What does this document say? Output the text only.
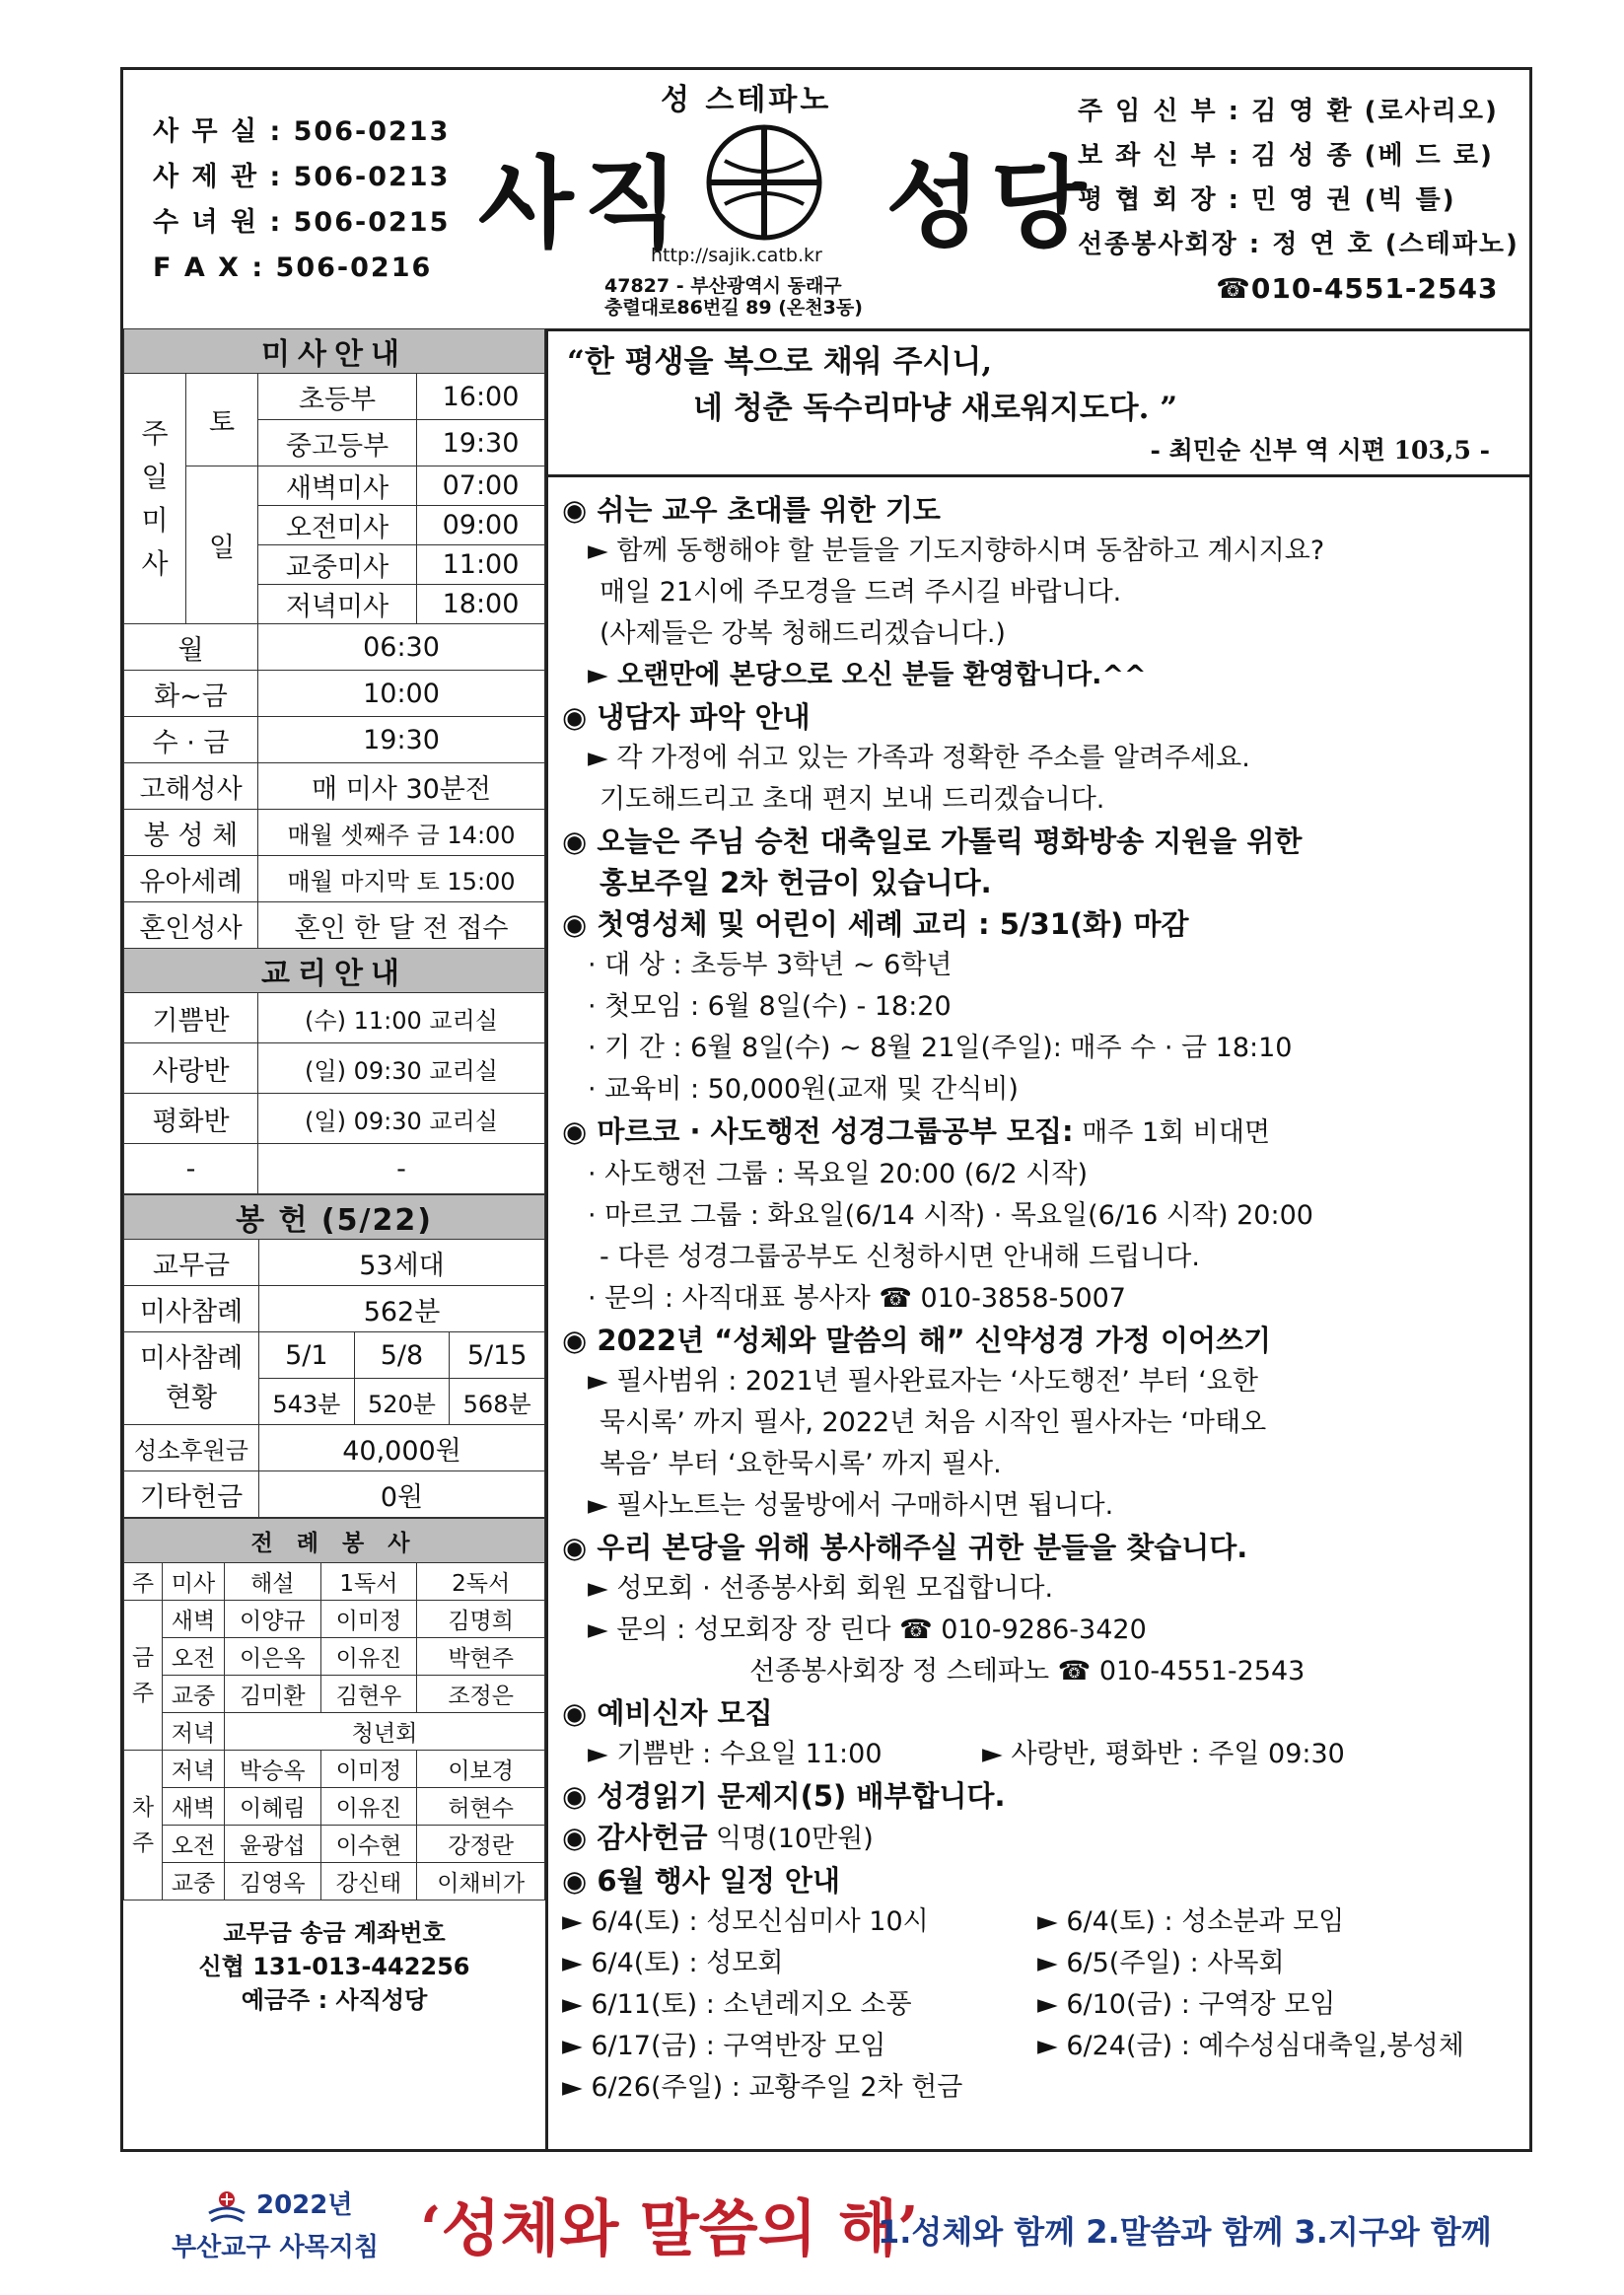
사 무 실 : 506-0213
사 제 관 : 506-0213
수 녀 원 : 506-0215
F A X : 506-0216
성 스테파노
사직 성당
http://sajik.catb.kr
47827 - 부산광역시 동래구
충렬대로86번길 89 (온천3동)
주 임 신 부 : 김 영 환 (로사리오)
보 좌 신 부 : 김 성 종 (베 드 로)
평 협 회 장 : 민 영 권 (빅 틀)
선종봉사회장 : 정 연 호 (스테파노)
☎010-4551-2543
미사안내			
주일미사	토	초등부	16:00
		중고등부	19:30
	일	새벽미사	07:00
		오전미사	09:00
		교중미사	11:00
		저녁미사	18:00
월		06:30	
화~금		10:00	
수 · 금		19:30	
고해성사		매 미사 30분전	
봉 성 체		매월 셋째주 금 14:00	
유아세례		매월 마지막 토 15:00	
혼인성사		혼인 한 달 전 접수	
교리안내			
기쁨반		(수) 11:00 교리실	
사랑반		(일) 09:30 교리실	
평화반		(일) 09:30 교리실	
-		-	
봉 헌 (5/22)			
교무금	53세대		
미사참례	562분		
미사참례현황	5/1	5/8	5/15
	543분	520분	568분
성소후원금	40,000원		
기타헌금	0원		
전 례 봉 사				
주	미사	해설	1독서	2독서
금주	새벽	이양규	이미정	김명희
	오전	이은옥	이유진	박현주
	교중	김미환	김현우	조정은
	저녁	청년회		
차주	저녁	박승옥	이미정	이보경
	새벽	이혜림	이유진	허현수
	오전	윤광섭	이수현	강정란
	교중	김영옥	강신태	이채비가
교무금 송금 계좌번호
신협 131-013-442256
예금주 : 사직성당
“한 평생을 복으로 채워 주시니,
네 청춘 독수리마냥 새로워지도다. ”
- 최민순 신부 역 시편 103,5 -
◉ 쉬는 교우 초대를 위한 기도
► 함께 동행해야 할 분들을 기도지향하시며 동참하고 계시지요?
매일 21시에 주모경을 드려 주시길 바랍니다.
(사제들은 강복 청해드리겠습니다.)
► 오랜만에 본당으로 오신 분들 환영합니다.^^
◉ 냉담자 파악 안내
► 각 가정에 쉬고 있는 가족과 정확한 주소를 알려주세요.
기도해드리고 초대 편지 보내 드리겠습니다.
◉ 오늘은 주님 승천 대축일로 가톨릭 평화방송 지원을 위한
홍보주일 2차 헌금이 있습니다.
◉ 첫영성체 및 어린이 세례 교리 : 5/31(화) 마감
· 대 상 : 초등부 3학년 ~ 6학년
· 첫모임 : 6월 8일(수) - 18:20
· 기 간 : 6월 8일(수) ~ 8월 21일(주일): 매주 수 · 금 18:10
· 교육비 : 50,000원(교재 및 간식비)
◉ 마르코 · 사도행전 성경그룹공부 모집: 매주 1회 비대면
· 사도행전 그룹 : 목요일 20:00 (6/2 시작)
· 마르코 그룹 : 화요일(6/14 시작) · 목요일(6/16 시작) 20:00
- 다른 성경그룹공부도 신청하시면 안내해 드립니다.
· 문의 : 사직대표 봉사자 ☎ 010-3858-5007
◉ 2022년 “성체와 말씀의 해” 신약성경 가정 이어쓰기
► 필사범위 : 2021년 필사완료자는 ‘사도행전’ 부터 ‘요한
묵시록’ 까지 필사, 2022년 처음 시작인 필사자는 ‘마태오
복음’ 부터 ‘요한묵시록’ 까지 필사.
► 필사노트는 성물방에서 구매하시면 됩니다.
◉ 우리 본당을 위해 봉사해주실 귀한 분들을 찾습니다.
► 성모회 · 선종봉사회 회원 모집합니다.
► 문의 : 성모회장 장 린다 ☎ 010-9286-3420
선종봉사회장 정 스테파노 ☎ 010-4551-2543
◉ 예비신자 모집
► 기쁨반 : 수요일 11:00	► 사랑반, 평화반 : 주일 09:30
◉ 성경읽기 문제지(5) 배부합니다.
◉ 감사헌금 익명(10만원)
◉ 6월 행사 일정 안내
► 6/4(토) : 성모신심미사 10시	► 6/4(토) : 성소분과 모임
► 6/4(토) : 성모회	► 6/5(주일) : 사목회
► 6/11(토) : 소년레지오 소풍	► 6/10(금) : 구역장 모임
► 6/17(금) : 구역반장 모임	► 6/24(금) : 예수성심대축일,봉성체
► 6/26(주일) : 교황주일 2차 헌금
2022년
부산교구 사목지침 ‘성체와 말씀의 해’
1.성체와 함께 2.말씀과 함께 3.지구와 함께
